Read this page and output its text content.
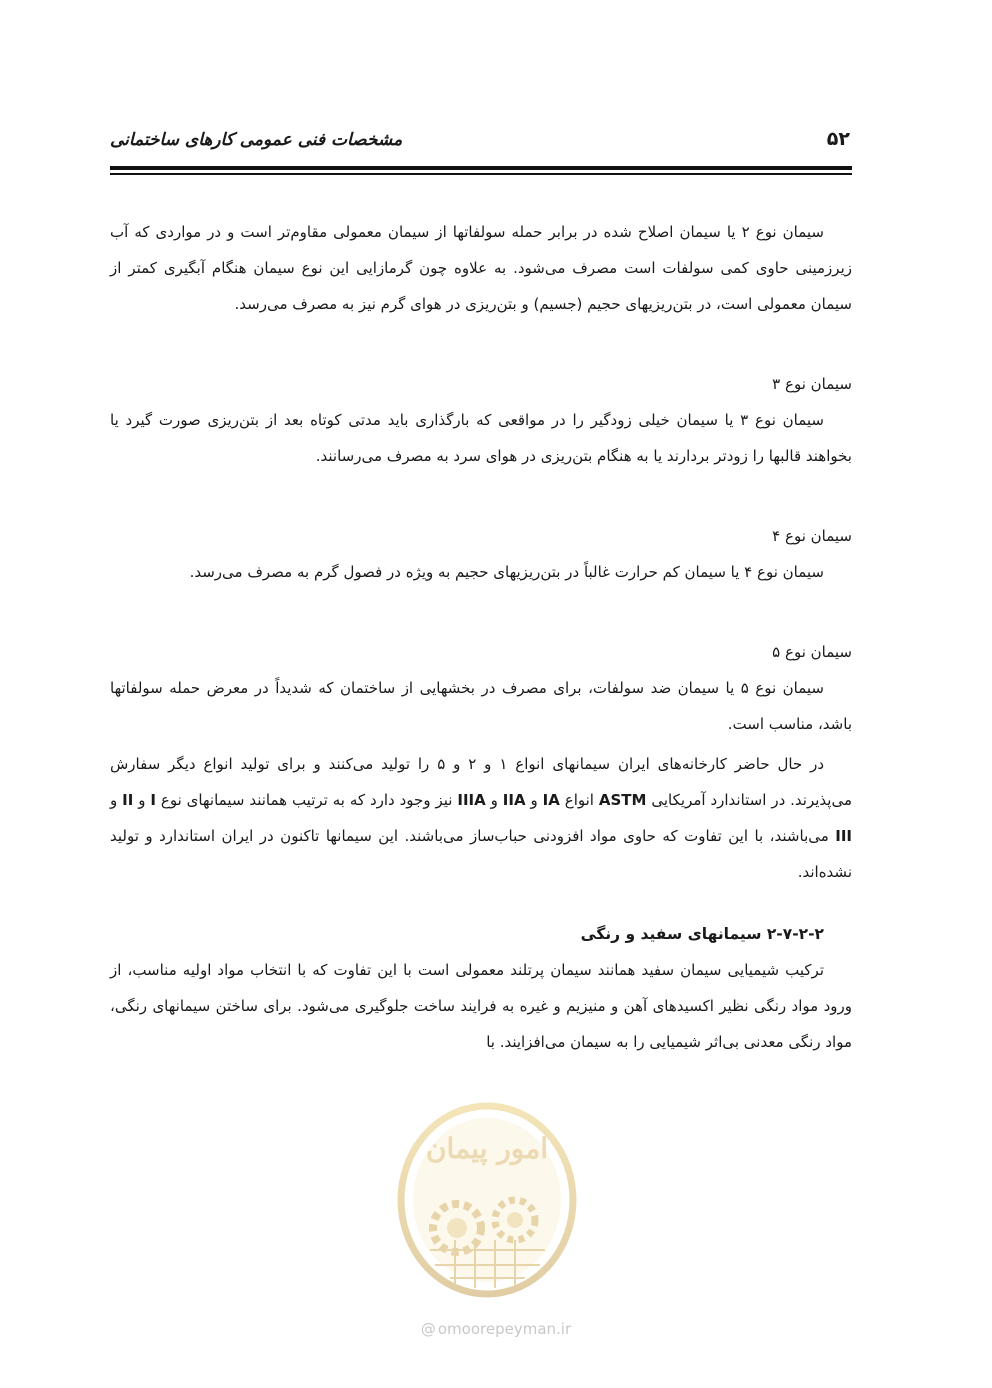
مشخصات فنی عمومی کارهای ساختمانی	۵۲

سیمان نوع ۲ یا سیمان اصلاح شده در برابر حمله سولفاتها از سیمان معمولی مقاوم‌تر است و در مواردی که آب زیرزمینی حاوی کمی سولفات است مصرف می‌شود. به علاوه چون گرمازایی این نوع سیمان هنگام آبگیری کمتر از سیمان معمولی است، در بتن‌ریزیهای حجیم (جسیم) و بتن‌ریزی در هوای گرم نیز به مصرف می‌رسد.

سیمان نوع ۳

سیمان نوع ۳ یا سیمان خیلی زودگیر را در مواقعی که بارگذاری باید مدتی کوتاه بعد از بتن‌ریزی صورت گیرد یا بخواهند قالبها را زودتر بردارند یا به هنگام بتن‌ریزی در هوای سرد به مصرف می‌رسانند.

سیمان نوع ۴

سیمان نوع ۴ یا سیمان کم حرارت غالباً در بتن‌ریزیهای حجیم به ویژه در فصول گرم به مصرف می‌رسد.

سیمان نوع ۵

سیمان نوع ۵ یا سیمان ضد سولفات، برای مصرف در بخشهایی از ساختمان که شدیداً در معرض حمله سولفاتها باشد، مناسب است.

در حال حاضر کارخانه‌های ایران سیمانهای انواع ۱ و ۲ و ۵ را تولید می‌کنند و برای تولید انواع دیگر سفارش می‌پذیرند. در استاندارد آمریکایی ASTM انواع IA و IIA و IIIA نیز وجود دارد که به ترتیب همانند سیمانهای نوع I و II و III می‌باشند، با این تفاوت که حاوی مواد افزودنی حباب‌ساز می‌باشند. این سیمانها تاکنون در ایران استاندارد و تولید نشده‌اند.

۲-۷-۲-۲ سیمانهای سفید و رنگی

ترکیب شیمیایی سیمان سفید همانند سیمان پرتلند معمولی است با این تفاوت که با انتخاب مواد اولیه مناسب، از ورود مواد رنگی نظیر اکسیدهای آهن و منیزیم و غیره به فرایند ساخت جلوگیری می‌شود. برای ساختن سیمانهای رنگی، مواد رنگی معدنی بی‌اثر شیمیایی را به سیمان می‌افزایند. با

امور پیمان
@ omoorepeyman.ir
